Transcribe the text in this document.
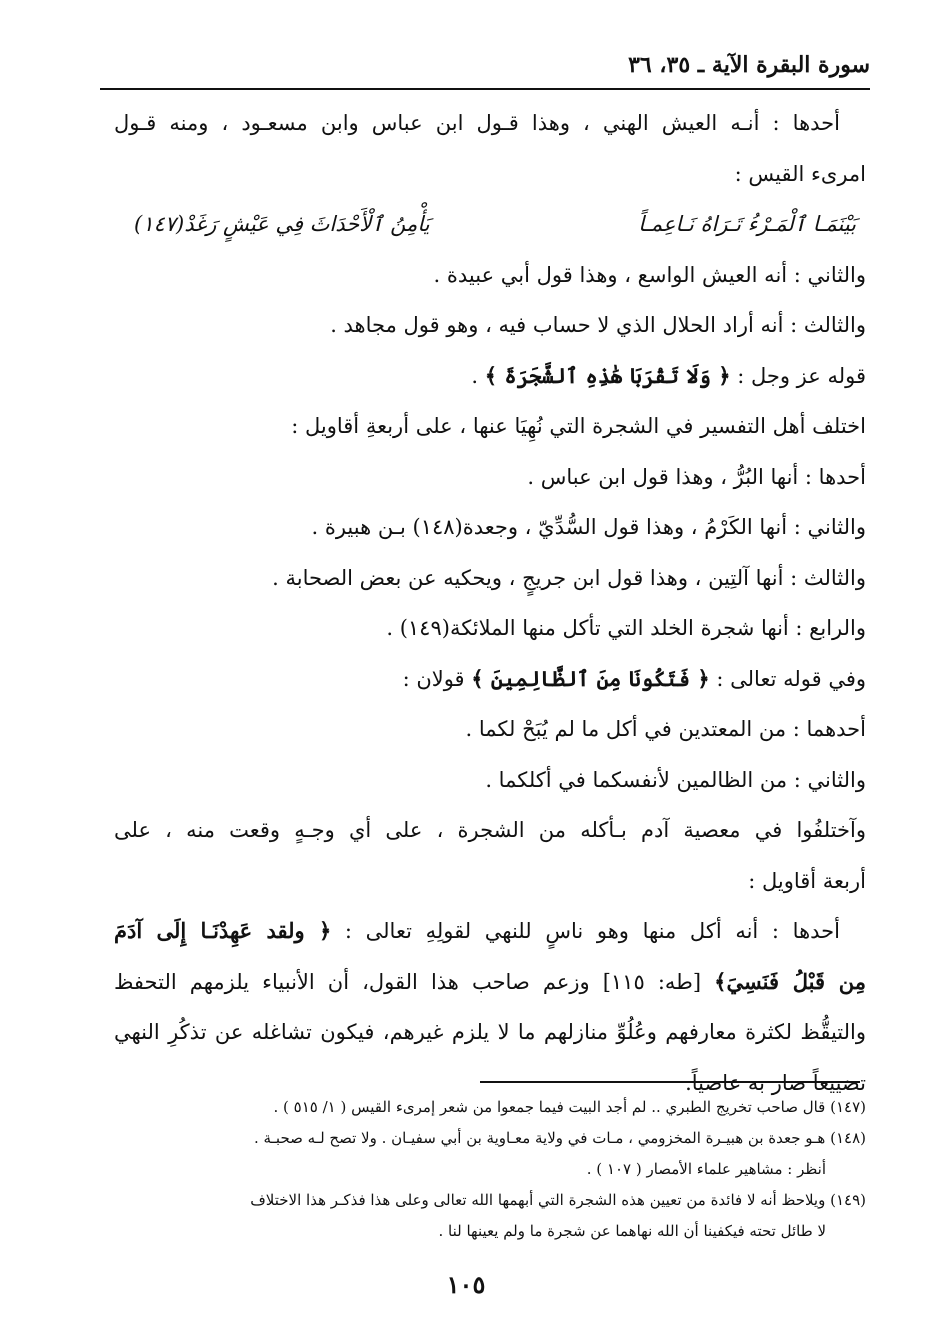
سورة البقرة الآية ـ ٣٥، ٣٦
أحدها : أنـه العيش الهني ، وهذا قـول ابن عباس وابن مسعـود ، ومنه قـول
امرىء القيس :
بَيْنَمَـا ٱلْمَـرْءُ تَـرَاهُ نَـاعِمـاً
يَأْمِنُ ٱلْأَحْدَاثَ فِي عَيْشٍ رَغَدْ(١٤٧)
والثاني : أنه العيش الواسع ، وهذا قول أبي عبيدة .
والثالث : أنه أراد الحلال الذي لا حساب فيه ، وهو قول مجاهد .
قوله عز وجل : ﴿ وَلَا تَقْرَبَا هَٰذِهِ ٱلشَّجَرَةَ ﴾ .
اختلف أهل التفسير في الشجرة التي نُهِيَا عنها ، على أربعةِ أقاويل :
أحدها : أنها البُرُّ ، وهذا قول ابن عباس .
والثاني : أنها الكَرْمُ ، وهذا قول السُّدِّيّ ، وجعدة(١٤٨) بـن هبيرة .
والثالث : أنها آلتِين ، وهذا قول ابن جريجٍ ، ويحكيه عن بعض الصحابة .
والرابع : أنها شجرة الخلد التي تأكل منها الملائكة(١٤٩) .
وفي قوله تعالى : ﴿ فَتَكُونَا مِنَ ٱلظَّالِمِينَ ﴾ قولان :
أحدهما : من المعتدين في أكل ما لم يُبَحْ لكما .
والثاني : من الظالمين لأنفسكما في أكلكما .
وآختلفُوا في معصية آدم بـأكله من الشجرة ، على أي وجـهٍ وقعت منه ، على
أربعة أقاويل :
أحدها : أنه أكل منها وهو ناسٍ للنهي لقولِهِ تعالى : ﴿ ولقد عَهِدْنَـا إِلَى آدَمَ
مِن قَبْلُ فَنَسِيَ﴾ [طه: ١١٥] وزعم صاحب هذا القول، أن الأنبياء يلزمهم التحفظ
والتيقُّظ لكثرة معارفهم وعُلُوِّ منازلهم ما لا يلزم غيرهم، فيكون تشاغله عن تذكُرِ النهي
تضييعاً صار به عاصياً.
(١٤٧) قال صاحب تخريج الطبري .. لم أجد البيت فيما جمعوا من شعر إمرىء القيس ( ١/ ٥١٥ ) .
(١٤٨) هـو جعدة بن هبيـرة المخزومي ، مـات في ولاية معـاوية بن أبي سفيـان . ولا تصح لـه صحبـة .
أنظر : مشاهير علماء الأمصار ( ١٠٧ ) .
(١٤٩) ويلاحظ أنه لا فائدة من تعيين هذه الشجرة التي أبهمها الله تعالى وعلى هذا فذكـر هذا الاختلاف
لا طائل تحته فيكفينا أن الله نهاهما عن شجرة ما ولم يعينها لنا .
١٠٥
